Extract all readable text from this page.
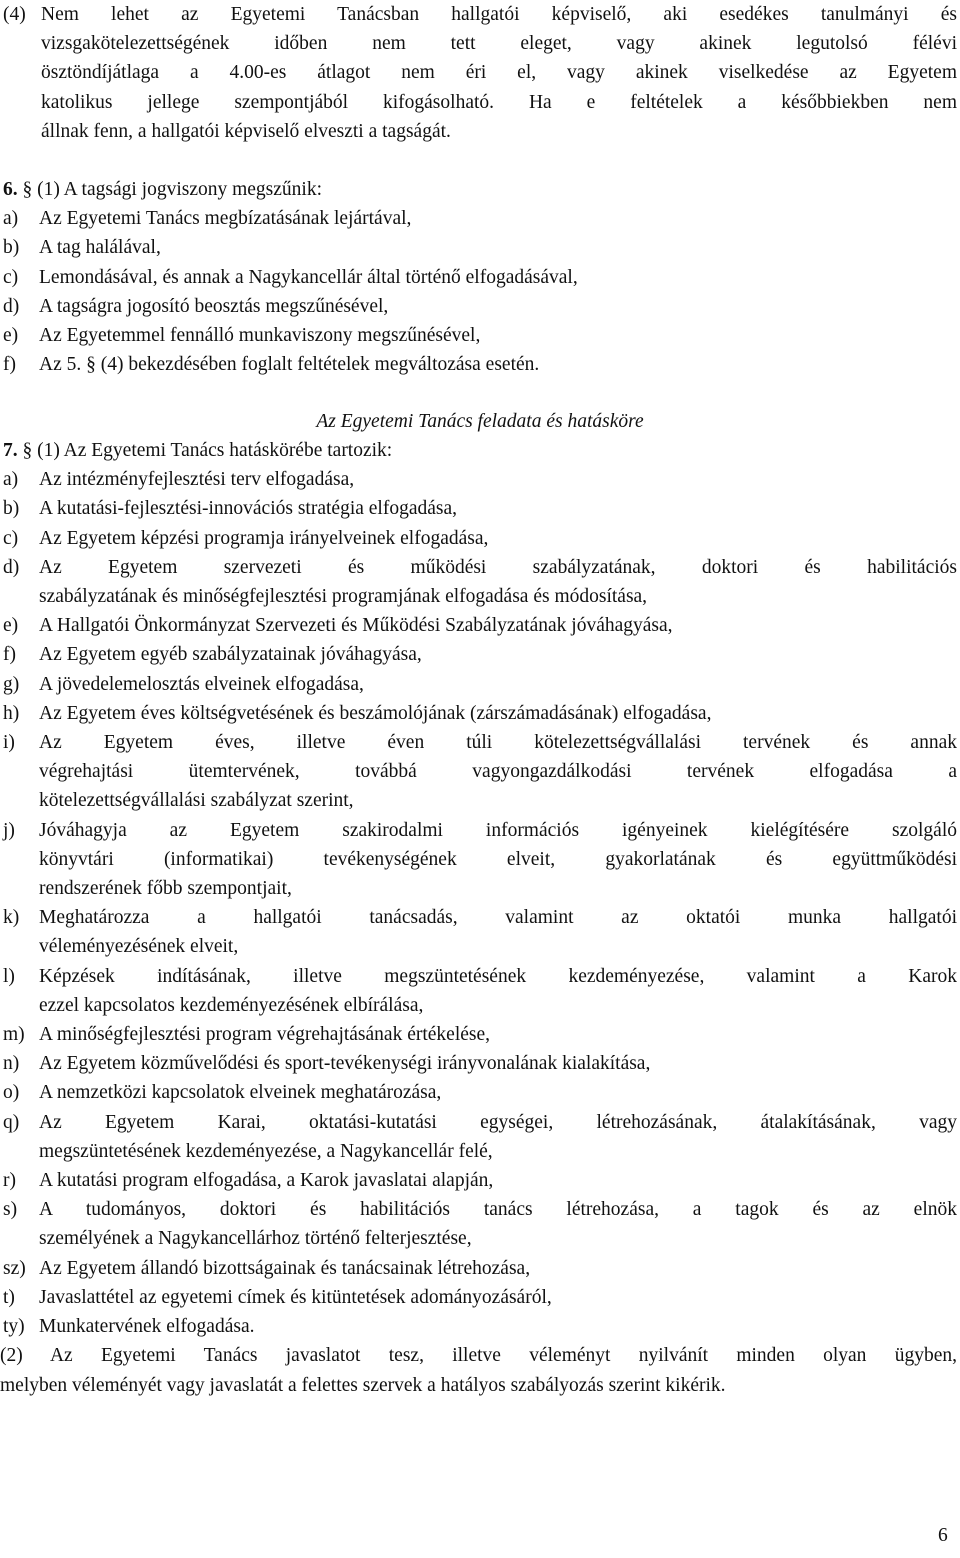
(4) Nem lehet az Egyetemi Tanácsban hallgatói képviselő, aki esedékes tanulmányi és
vizsgakötelezettségének időben nem tett eleget, vagy akinek legutolsó félévi
ösztöndíjátlaga a 4.00-es átlagot nem éri el, vagy akinek viselkedése az Egyetem
katolikus jellege szempontjából kifogásolható. Ha e feltételek a későbbiekben nem
állnak fenn, a hallgatói képviselő elveszti a tagságát.
6. § (1) A tagsági jogviszony megszűnik:
a)	Az Egyetemi Tanács megbízatásának lejártával,
b)	A tag halálával,
c)	Lemondásával, és annak a Nagykancellár által történő elfogadásával,
d)	A tagságra jogosító beosztás megszűnésével,
e)	Az Egyetemmel fennálló munkaviszony megszűnésével,
f)	Az 5. § (4) bekezdésében foglalt feltételek megváltozása esetén.
Az Egyetemi Tanács feladata és hatásköre
7. § (1) Az Egyetemi Tanács hatáskörébe tartozik:
a)	Az intézményfejlesztési terv elfogadása,
b)	A kutatási-fejlesztési-innovációs stratégia elfogadása,
c)	Az Egyetem képzési programja irányelveinek elfogadása,
d)	Az Egyetem szervezeti és működési szabályzatának, doktori és habilitációs
szabályzatának és minőségfejlesztési programjának elfogadása és módosítása,
e)	A Hallgatói Önkormányzat Szervezeti és Működési Szabályzatának jóváhagyása,
f)	Az Egyetem egyéb szabályzatainak jóváhagyása,
g)	A jövedelemelosztás elveinek elfogadása,
h)	Az Egyetem éves költségvetésének és beszámolójának (zárszámadásának) elfogadása,
i)	Az Egyetem éves, illetve éven túli kötelezettségvállalási tervének és annak
végrehajtási ütemtervének, továbbá vagyongazdálkodási tervének elfogadása a
kötelezettségvállalási szabályzat szerint,
j)	Jóváhagyja az Egyetem szakirodalmi információs igényeinek kielégítésére szolgáló
könyvtári (informatikai) tevékenységének elveit, gyakorlatának és együttműködési
rendszerének főbb szempontjait,
k)	Meghatározza a hallgatói tanácsadás, valamint az oktatói munka hallgatói
véleményezésének elveit,
l)	Képzések indításának, illetve megszüntetésének kezdeményezése, valamint a Karok
ezzel kapcsolatos kezdeményezésének elbírálása,
m) A minőségfejlesztési program végrehajtásának értékelése,
n)	Az Egyetem közművelődési és sport-tevékenységi irányvonalának kialakítása,
o)	A nemzetközi kapcsolatok elveinek meghatározása,
q)	Az Egyetem Karai, oktatási-kutatási egységei, létrehozásának, átalakításának, vagy
megszüntetésének kezdeményezése, a Nagykancellár felé,
r)	A kutatási program elfogadása, a Karok javaslatai alapján,
s)	A tudományos, doktori és habilitációs tanács létrehozása, a tagok és az elnök
személyének a Nagykancellárhoz történő felterjesztése,
sz) Az Egyetem állandó bizottságainak és tanácsainak létrehozása,
t)	Javaslattétel az egyetemi címek és kitüntetések adományozásáról,
ty) Munkatervének elfogadása.
(2) Az Egyetemi Tanács javaslatot tesz, illetve véleményt nyilvánít minden olyan ügyben,
melyben véleményét vagy javaslatát a felettes szervek a hatályos szabályozás szerint kikérik.
6
